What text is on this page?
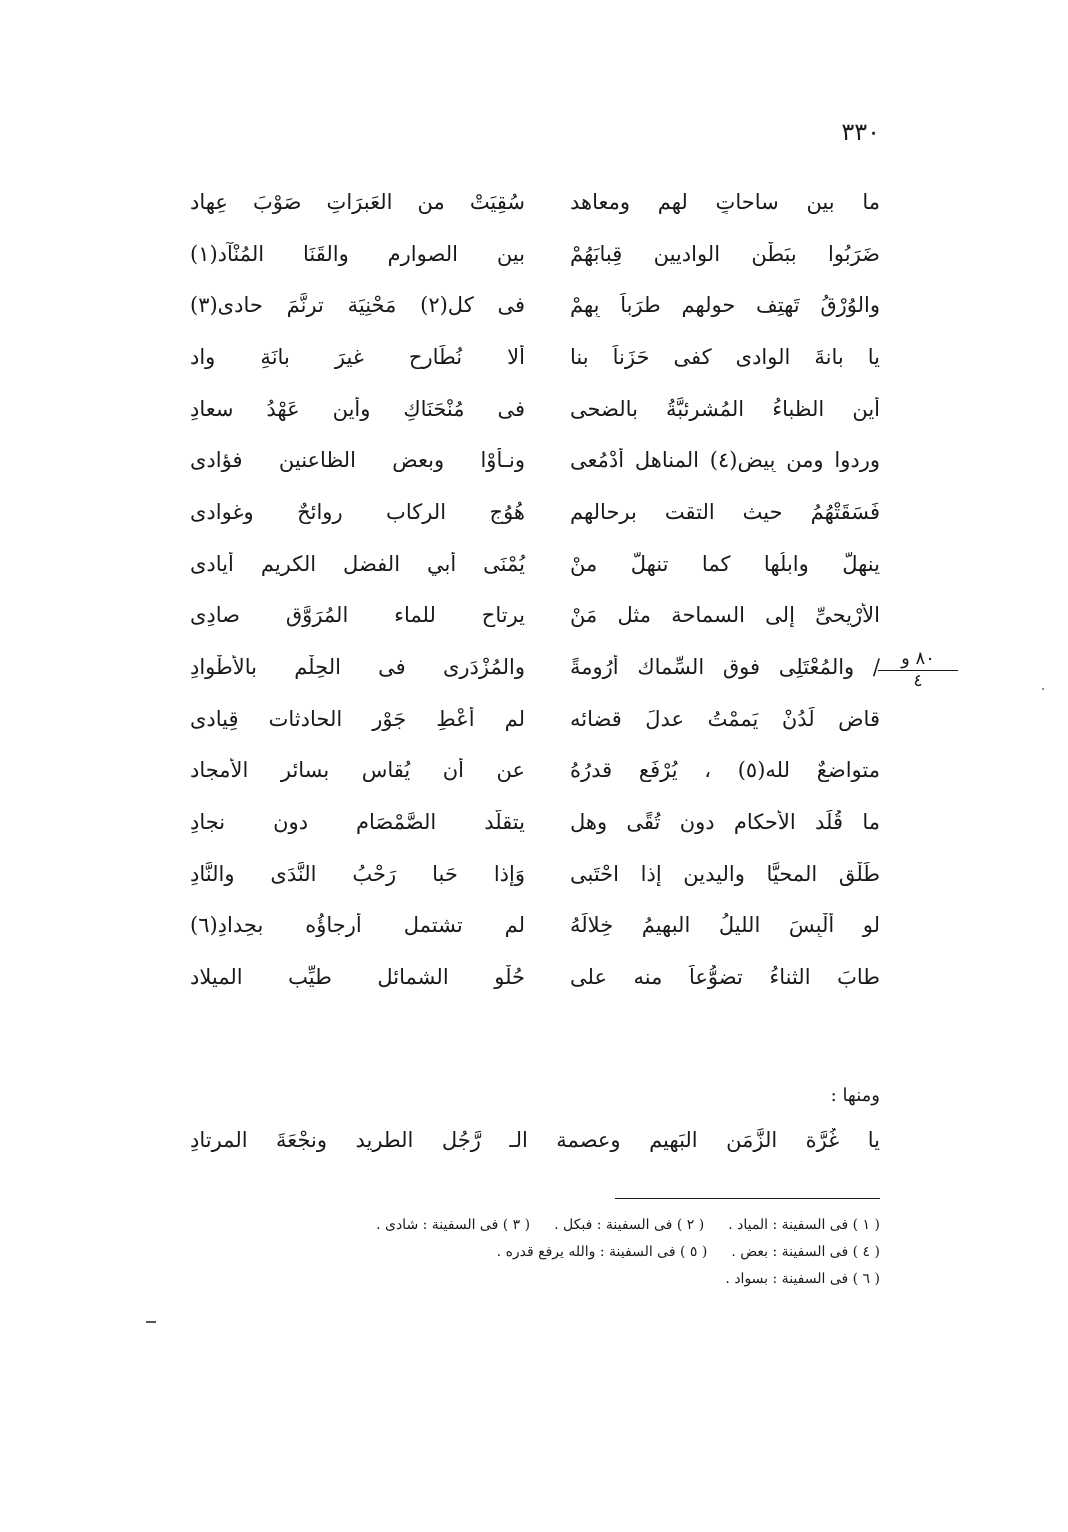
٣٣٠
ما بين ساحاتٍ لهم ومعاهد
سُقِيَتْ من العَبرَاتِ صَوْبَ عِهاد
ضَرَبُوا ببَطْنِ الواديينِ قِبابَهُمْ
بين الصوارم والقَنَا المُنْآد(١)
والوُرْقُ تَهتِف حولهم طرَباً بِهِمْ
فى كل(٢) مَحْنِيَة ترنَّمَ حادى(٣)
يا بانةَ الوادى كفى حَزَناً بنا
ألا نُطَارِح غيرَ بانَةِ واد
أين الظباءُ المُشرئبَّةُ بالضحى
فى مُنْحَنَاكِ وأين عَهْدُ سعادِ
وردوا ومن بِيضٍ(٤) المناهل أَدْمُعى
ونـأَوْا وبعض الظاعنين فؤادى
فَسَقَتْهُمُ حيث التقت برحالهم
هُوُج الركاب روائحٌ وغوادى
ينهلُّ وابلُها كما تنهلُّ منْ
يُمْنَى أبي الفضل الكريم أيادى
الأرْيحىِّ إلى السماحة مثلِ مَنْ
يرتاح للماء المُرَوَّقِ صادِى
/ والمُعْتَلِى فوق السِّماك أَرُومةً
والمُزْدَرِى فى الحِلْمِ بالأطْوادِ
قاضٍ لَدُنْ يَممْتُ عدلَ قضائه
لم أُعْطِ جَوْر الحادثات قِيادى
متواضعٌ لله(٥) ، يُرْفَع قدرُهُ
عن أن يُقاس بسائر الأمجاد
ما قُلِّد الأحكام دون تُقًى وهل
يتقلَّد الصَّمْصَام دون نجادِ
طَلْق المحيَّا واليدين إذا احْتَبى
وَإذا حَبا رَحْبُ النَّدَى والنَّادِ
لو أُلْبِسَ الليلُ البهيمُ خِلالَهُ
لم تشتمل أرجاؤُه بحِدادِ(٦)
طابَ الثناءُ تضوُّعاً منه على
حُلْوِ الشمائل طيِّب الميلاد
٨٠ و
٤
ومنها :
يا غُرَّة الزَّمَن البَهيم وعصمة الـ رَّجُلِ الطريد ونجْعَةَ المرتادِ
( ١ ) فى السفينة : المياد .( ٢ ) فى السفينة : فبكل .( ٣ ) فى السفينة : شادى .
( ٤ ) فى السفينة : بعض .( ٥ ) فى السفينة : والله يرفع قدره .
( ٦ ) فى السفينة : بسواد .
